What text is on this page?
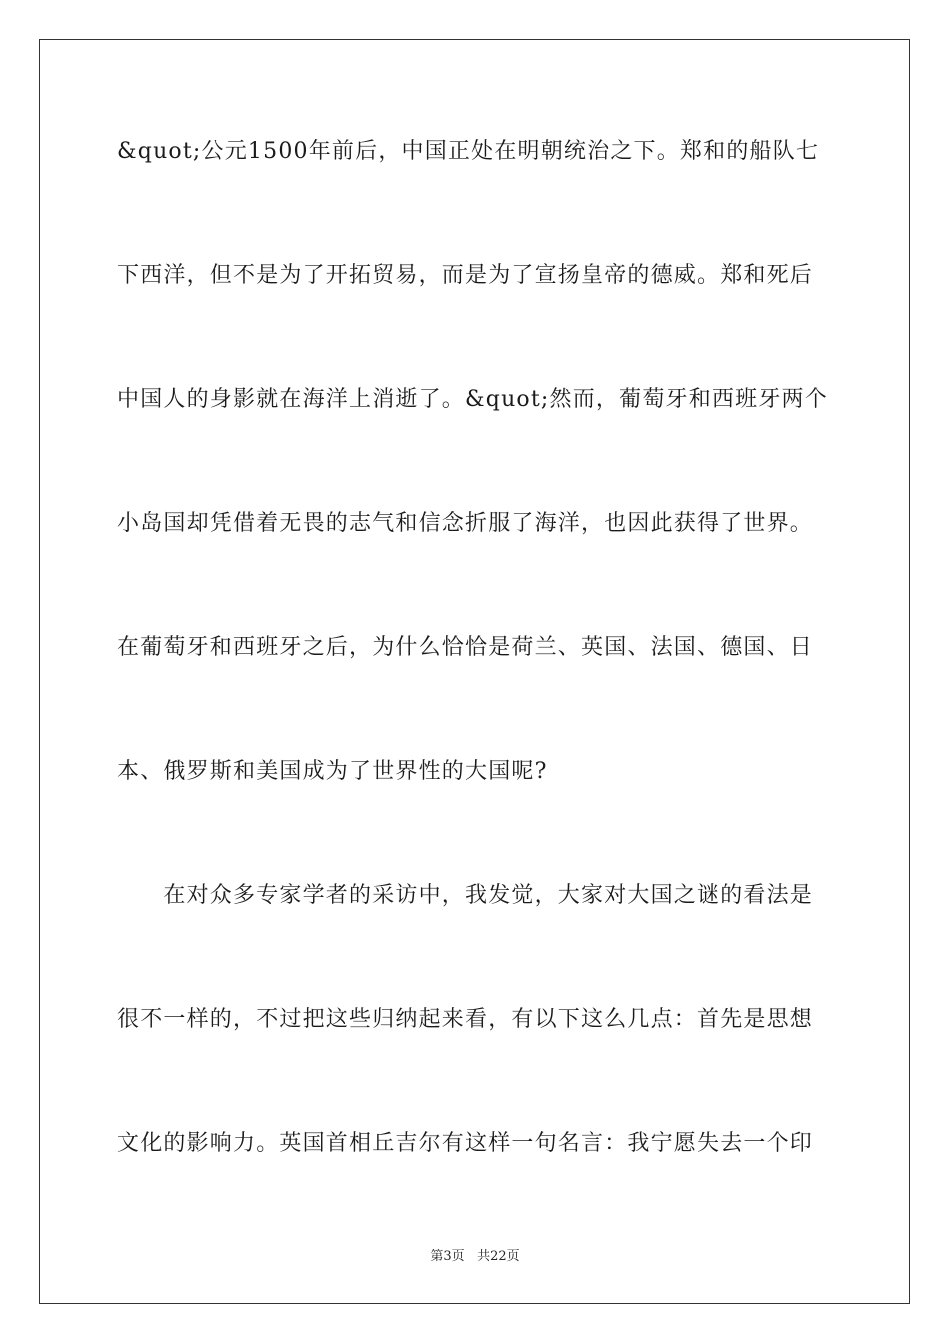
&quot;公元1500年前后，中国正处在明朝统治之下。郑和的船队七
下西洋，但不是为了开拓贸易，而是为了宣扬皇帝的德威。郑和死后
中国人的身影就在海洋上消逝了。&quot;然而，葡萄牙和西班牙两个
小岛国却凭借着无畏的志气和信念折服了海洋，也因此获得了世界。
在葡萄牙和西班牙之后，为什么恰恰是荷兰、英国、法国、德国、日
本、俄罗斯和美国成为了世界性的大国呢?
　　在对众多专家学者的采访中，我发觉，大家对大国之谜的看法是
很不一样的，不过把这些归纳起来看，有以下这么几点：首先是思想
文化的影响力。英国首相丘吉尔有这样一句名言：我宁愿失去一个印
第3页 共22页
